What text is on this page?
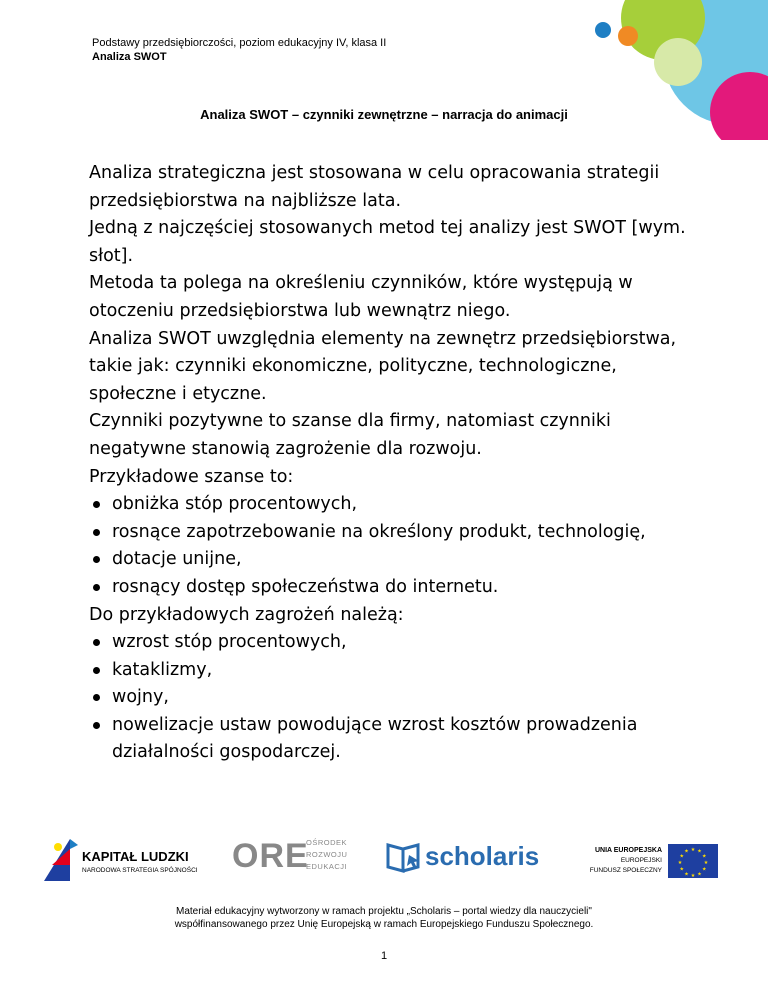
Podstawy przedsiębiorczości, poziom edukacyjny IV, klasa II
Analiza SWOT
Analiza SWOT – czynniki zewnętrzne – narracja do animacji

Analiza strategiczna jest stosowana w celu opracowania strategii przedsiębiorstwa na najbliższe lata.

Jedną z najczęściej stosowanych metod tej analizy jest SWOT [wym. słot].

Metoda ta polega na określeniu czynników, które występują w otoczeniu przedsiębiorstwa lub wewnątrz niego.

Analiza SWOT uwzględnia elementy na zewnętrz przedsiębiorstwa, takie jak: czynniki ekonomiczne, polityczne, technologiczne, społeczne i etyczne.

Czynniki pozytywne to szanse dla firmy, natomiast czynniki negatywne stanowią zagrożenie dla rozwoju.

Przykładowe szanse to:

obniżka stóp procentowych,
rosnące zapotrzebowanie na określony produkt, technologię,
dotacje unijne,
rosnący dostęp społeczeństwa do internetu.

Do przykładowych zagrożeń należą:

wzrost stóp procentowych,
kataklizmy,
wojny,
nowelizacje ustaw powodujące wzrost kosztów prowadzenia działalności gospodarczej.
KAPITAŁ LUDZKI
NARODOWA STRATEGIA SPÓJNOŚCI ORE
OŚRODEK
ROZWOJU
EDUKACJI	scholaris	UNIA EUROPEJSKA
EUROPEJSKI
FUNDUSZ SPOŁECZNY
★ ★
★
★
★
★
★
★
★
★
★
★
Materiał edukacyjny wytworzony w ramach projektu „Scholaris – portal wiedzy dla nauczycieli"
współfinansowanego przez Unię Europejską w ramach Europejskiego Funduszu Społecznego.
1
